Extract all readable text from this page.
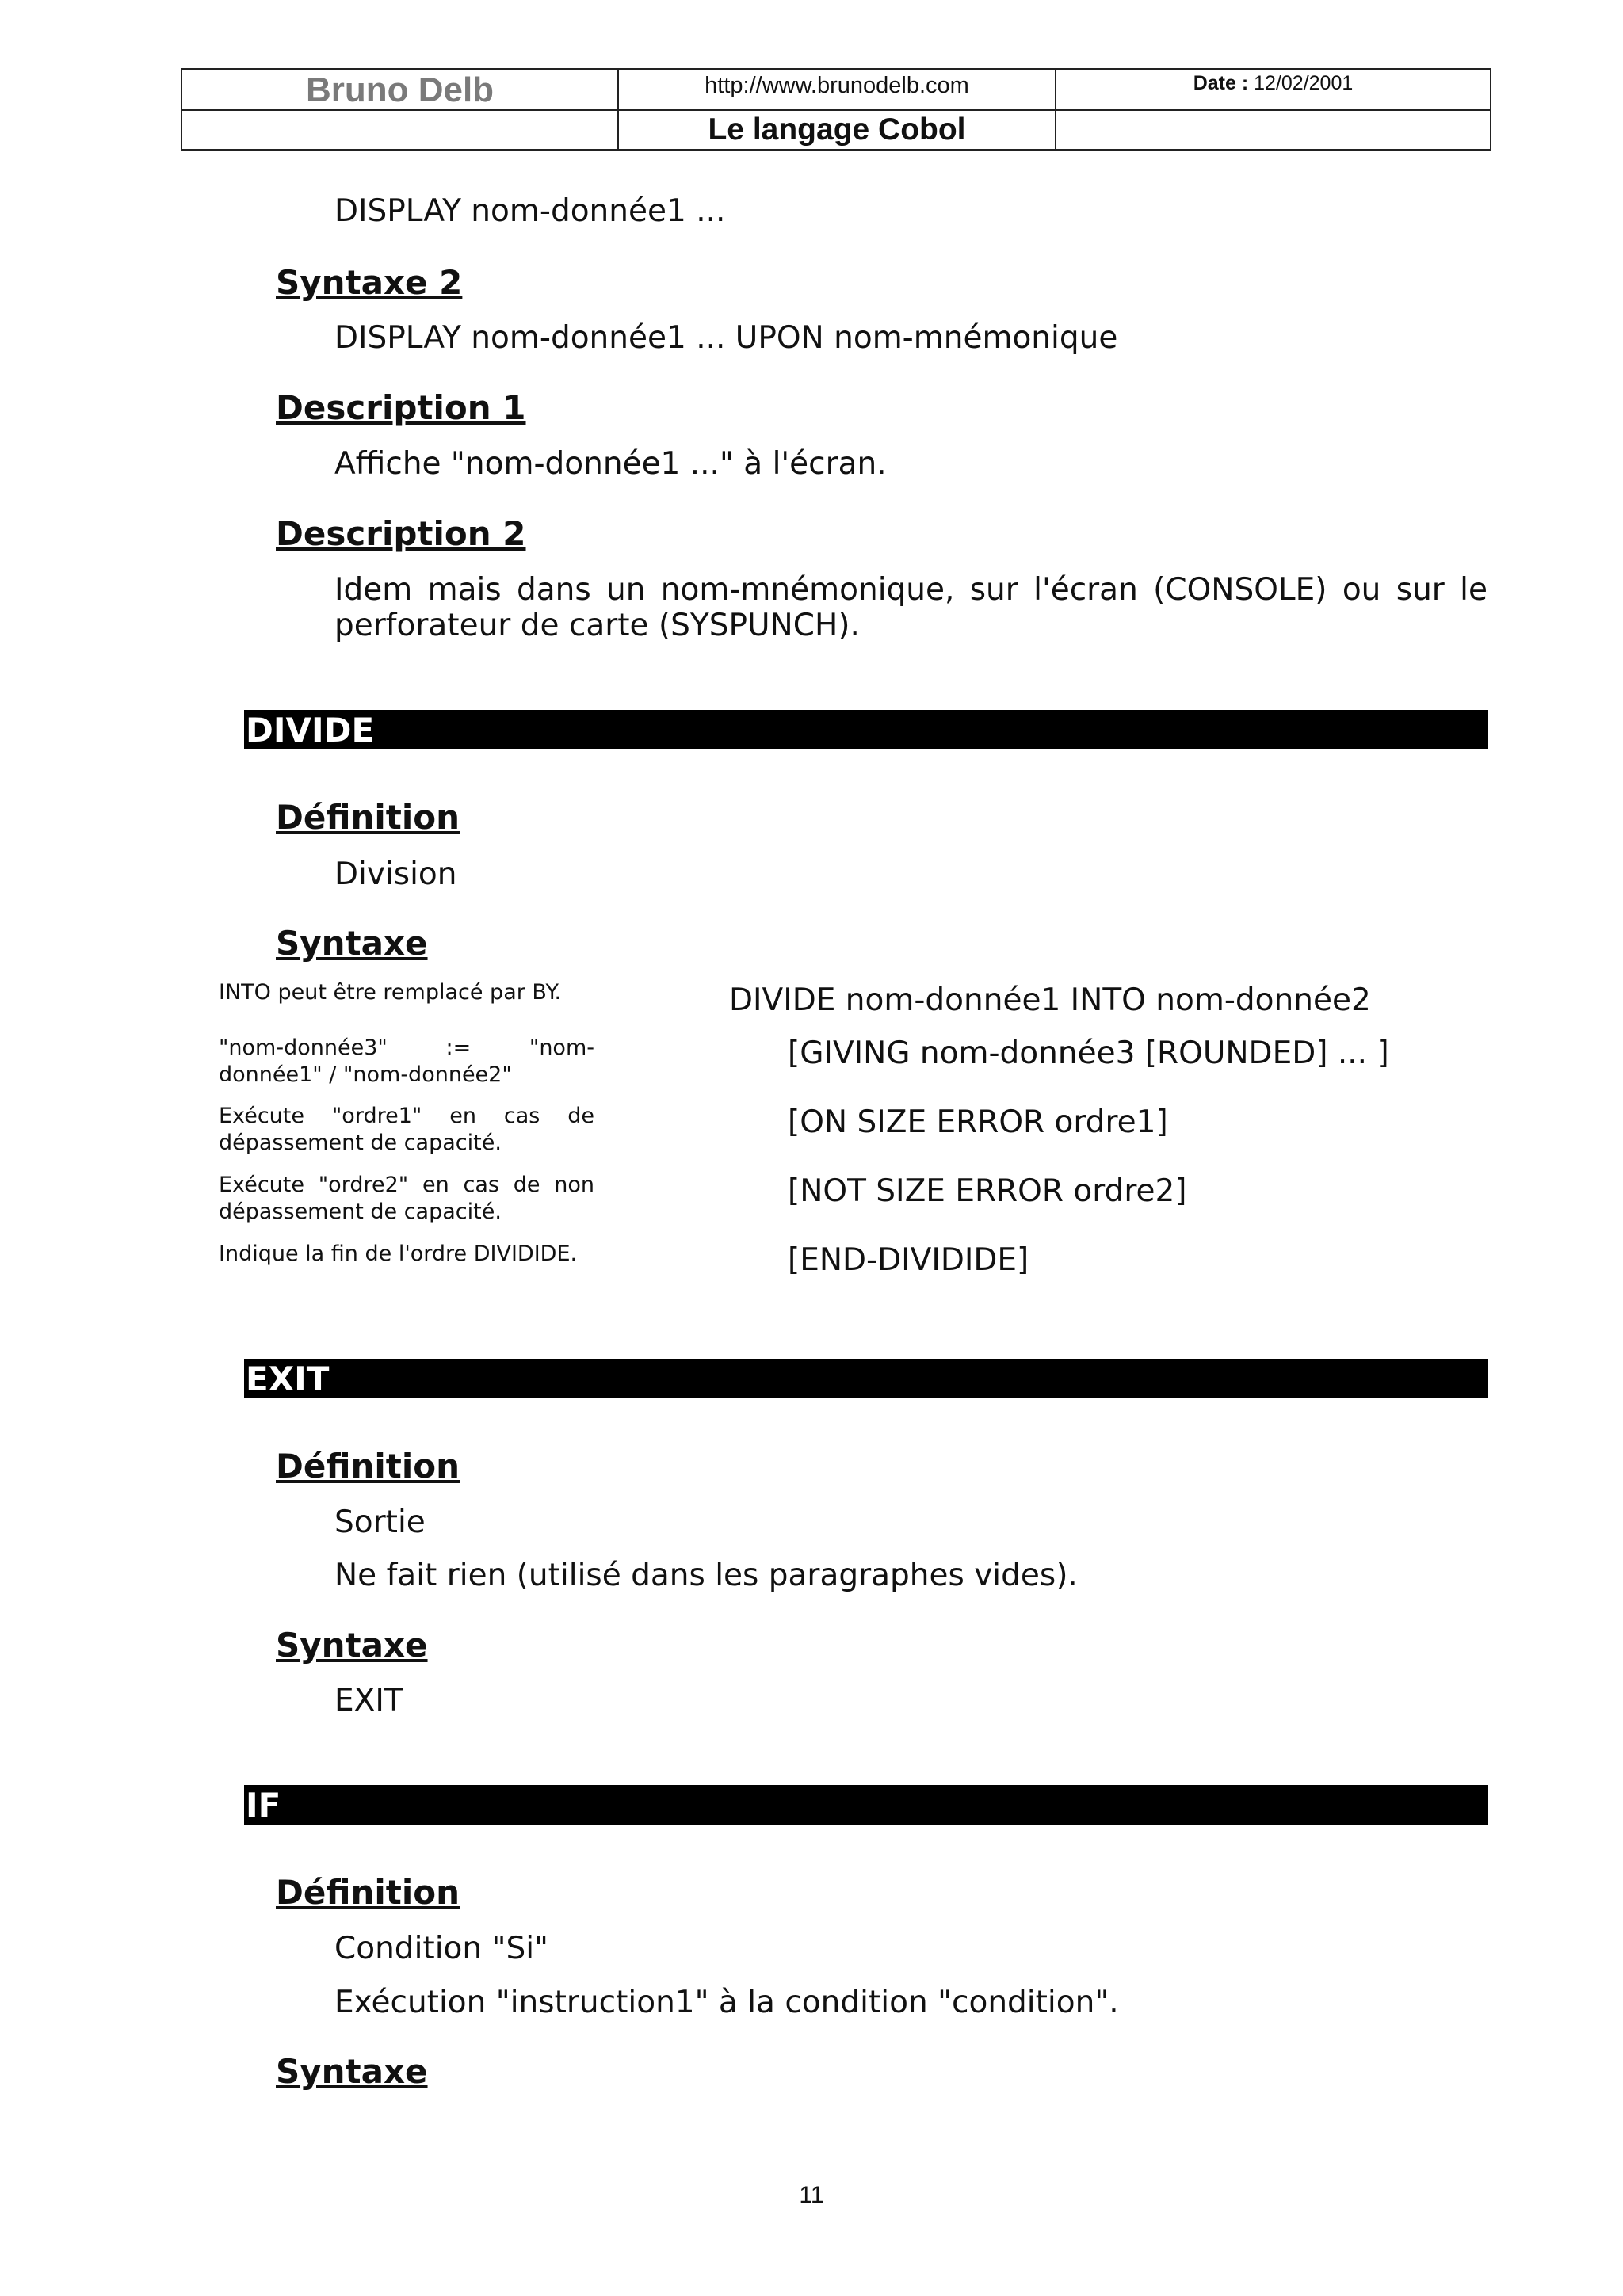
Bruno Delb	http://www.brunodelb.com	Date : 12/02/2001
Le langage Cobol
DISPLAY nom-donnée1 ...
Syntaxe 2
DISPLAY nom-donnée1 ... UPON nom-mnémonique
Description 1
Affiche "nom-donnée1 ..." à l'écran.
Description 2
Idem mais dans un nom-mnémonique, sur l'écran (CONSOLE) ou sur le
perforateur de carte (SYSPUNCH).
DIVIDE
Définition
Division
Syntaxe
INTO peut être remplacé par BY.
"nom-donnée3" := "nom-donnée1" / "nom-donnée2"
Exécute "ordre1" en cas de dépassement de capacité.
Exécute "ordre2" en cas de non dépassement de capacité.
Indique la fin de l'ordre DIVIDIDE.
DIVIDE nom-donnée1 INTO nom-donnée2
[GIVING nom-donnée3 [ROUNDED] ... ]
[ON SIZE ERROR ordre1]
[NOT SIZE ERROR ordre2]
[END-DIVIDIDE]
EXIT
Définition
Sortie
Ne fait rien (utilisé dans les paragraphes vides).
Syntaxe
EXIT
IF
Définition
Condition "Si"
Exécution "instruction1" à la condition "condition".
Syntaxe
11
